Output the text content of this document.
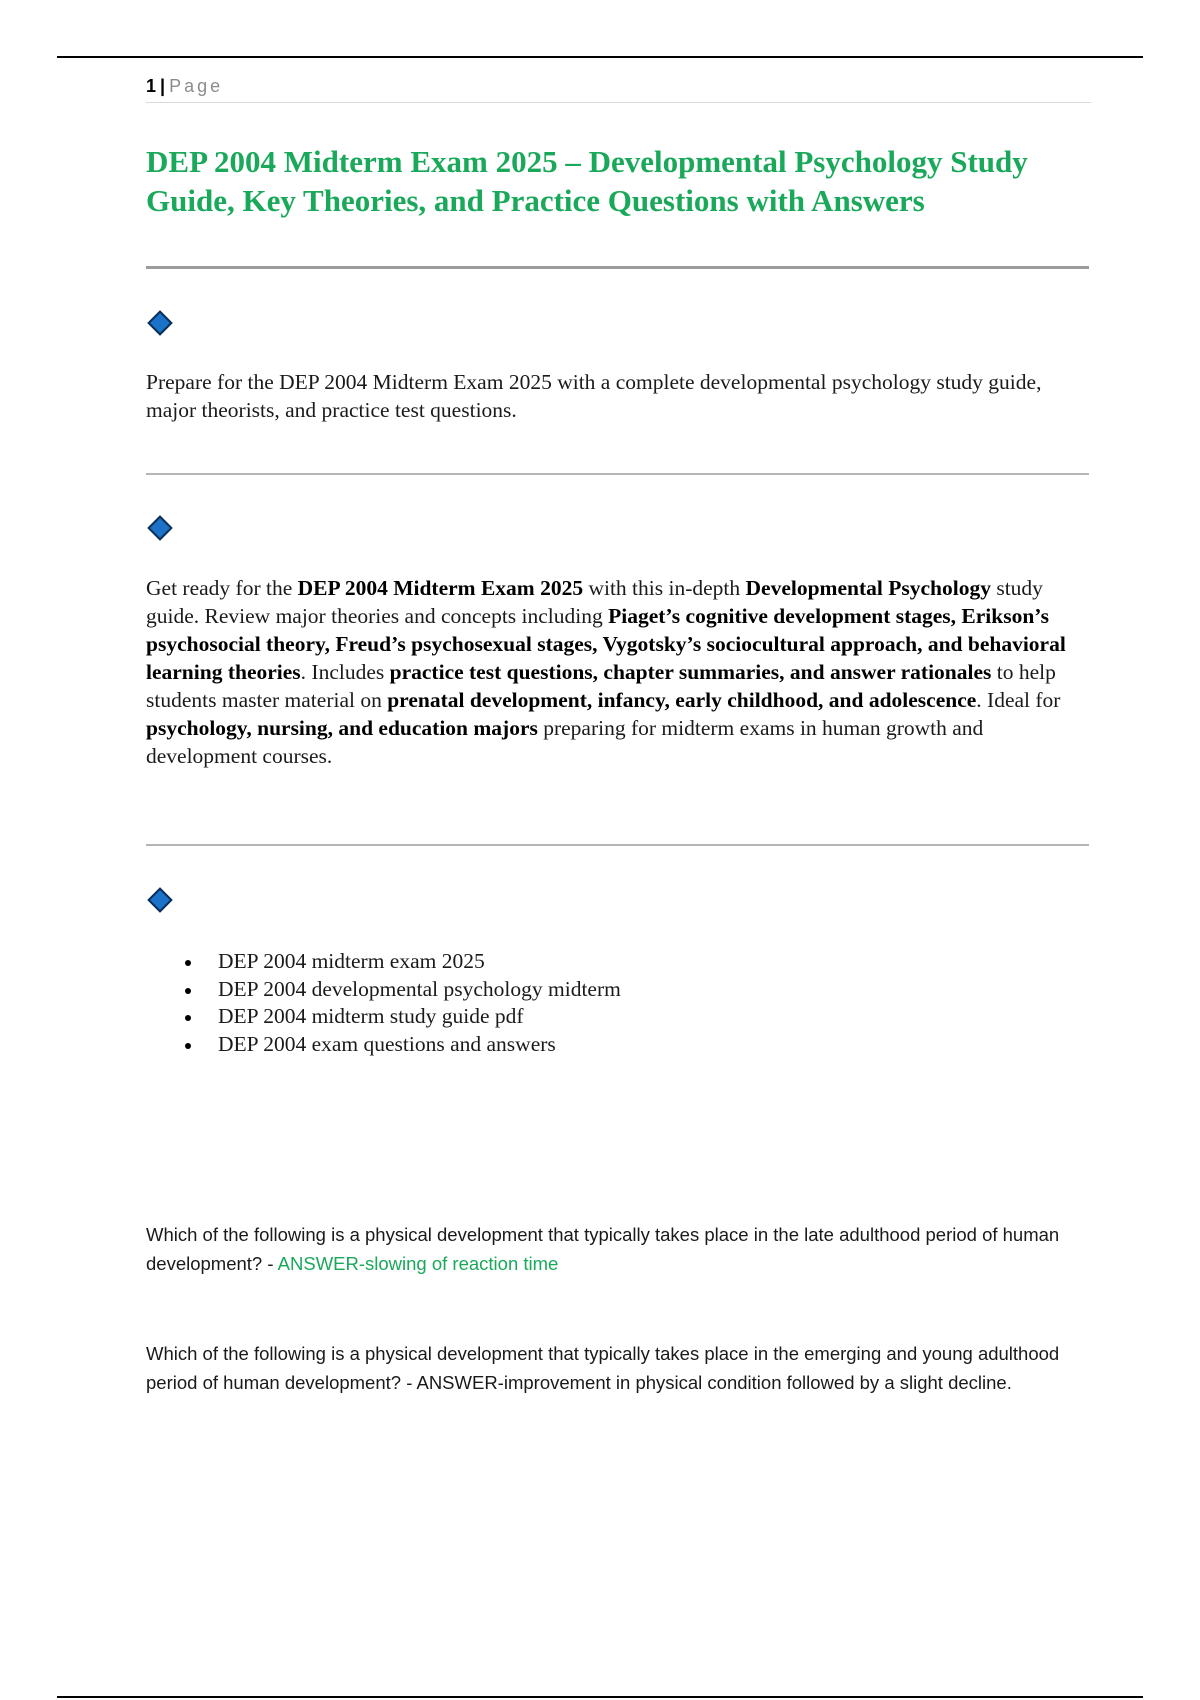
1 | Page
DEP 2004 Midterm Exam 2025 – Developmental Psychology Study Guide, Key Theories, and Practice Questions with Answers

Prepare for the DEP 2004 Midterm Exam 2025 with a complete developmental psychology study guide, major theorists, and practice test questions.

Get ready for the DEP 2004 Midterm Exam 2025 with this in-depth Developmental Psychology study guide. Review major theories and concepts including Piaget’s cognitive development stages, Erikson’s psychosocial theory, Freud’s psychosexual stages, Vygotsky’s sociocultural approach, and behavioral learning theories. Includes practice test questions, chapter summaries, and answer rationales to help students master material on prenatal development, infancy, early childhood, and adolescence. Ideal for psychology, nursing, and education majors preparing for midterm exams in human growth and development courses.

DEP 2004 midterm exam 2025
DEP 2004 developmental psychology midterm
DEP 2004 midterm study guide pdf
DEP 2004 exam questions and answers

Which of the following is a physical development that typically takes place in the late adulthood period of human development? - ANSWER-slowing of reaction time

Which of the following is a physical development that typically takes place in the emerging and young adulthood period of human development? - ANSWER-improvement in physical condition followed by a slight decline.
